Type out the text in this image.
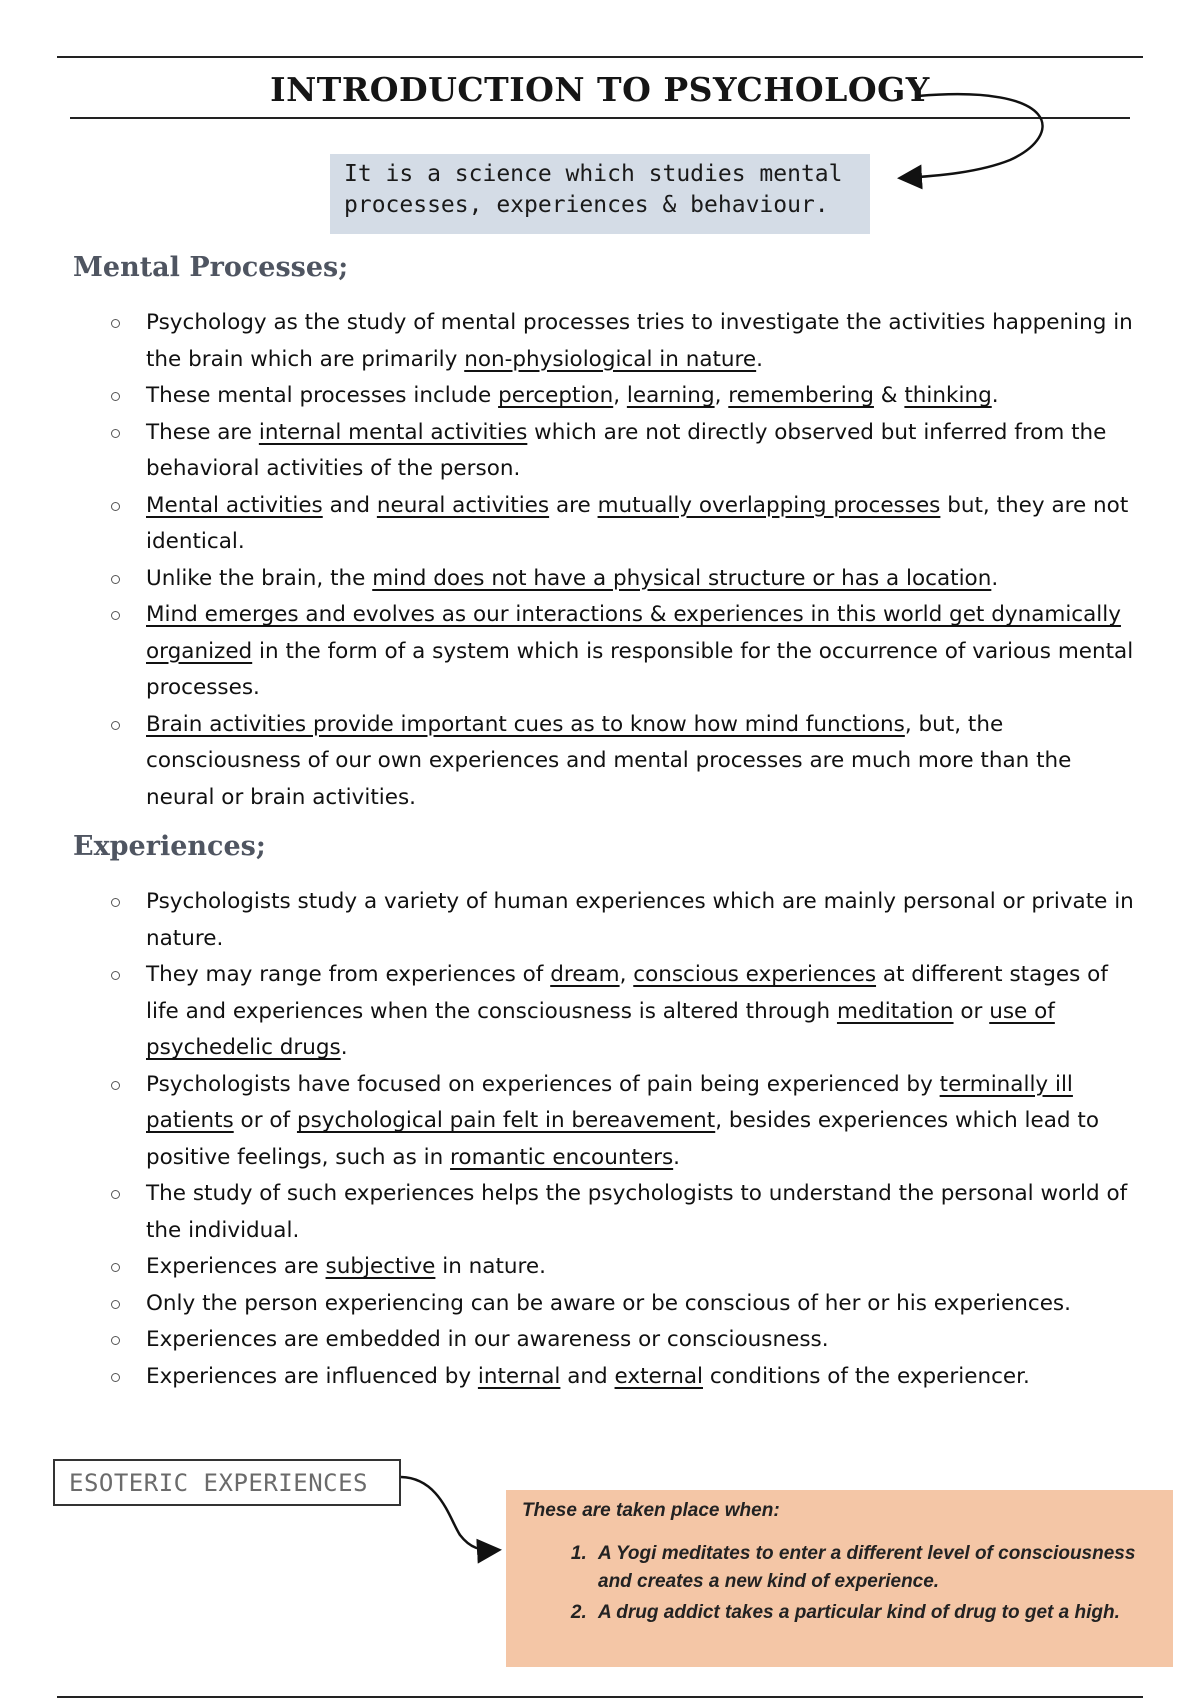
INTRODUCTION TO PSYCHOLOGY
It is a science which studies mental
processes, experiences & behaviour.
Mental Processes;
Psychology as the study of mental processes tries to investigate the activities happening in the brain which are primarily non-physiological in nature.
These mental processes include perception, learning, remembering & thinking.
These are internal mental activities which are not directly observed but inferred from the behavioral activities of the person.
Mental activities and neural activities are mutually overlapping processes but, they are not identical.
Unlike the brain, the mind does not have a physical structure or has a location.
Mind emerges and evolves as our interactions & experiences in this world get dynamically organized in the form of a system which is responsible for the occurrence of various mental processes.
Brain activities provide important cues as to know how mind functions, but, the consciousness of our own experiences and mental processes are much more than the neural or brain activities.
Experiences;
Psychologists study a variety of human experiences which are mainly personal or private in nature.
They may range from experiences of dream, conscious experiences at different stages of life and experiences when the consciousness is altered through meditation or use of psychedelic drugs.
Psychologists have focused on experiences of pain being experienced by terminally ill patients or of psychological pain felt in bereavement, besides experiences which lead to positive feelings, such as in romantic encounters.
The study of such experiences helps the psychologists to understand the personal world of the individual.
Experiences are subjective in nature.
Only the person experiencing can be aware or be conscious of her or his experiences.
Experiences are embedded in our awareness or consciousness.
Experiences are influenced by internal and external conditions of the experiencer.
ESOTERIC EXPERIENCES
These are taken place when:
1. A Yogi meditates to enter a different level of consciousness and creates a new kind of experience.
2. A drug addict takes a particular kind of drug to get a high.
